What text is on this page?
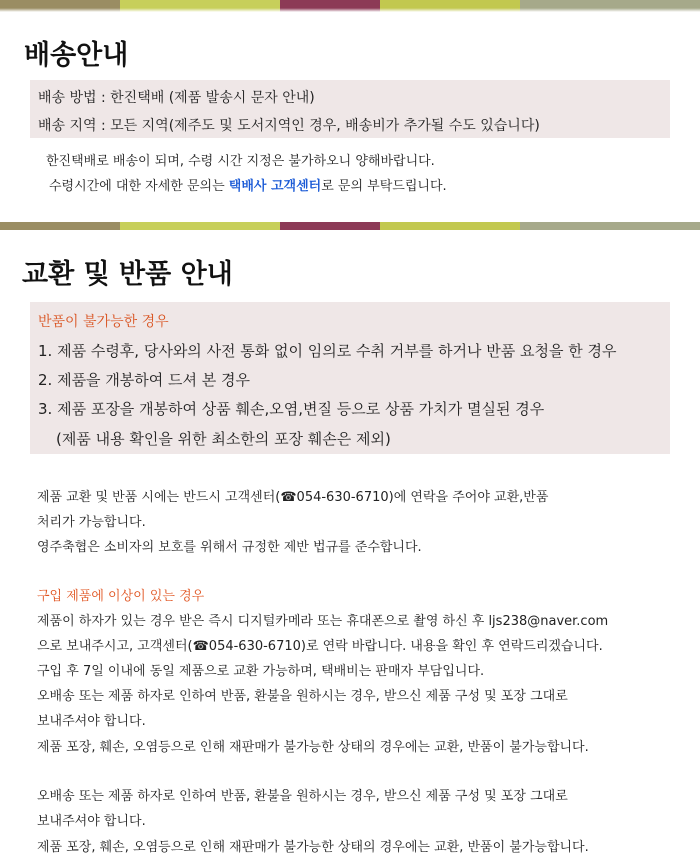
배송안내
배송 방법 : 한진택배 (제품 발송시 문자 안내)
배송 지역 : 모든 지역(제주도 및 도서지역인 경우, 배송비가 추가될 수도 있습니다)
한진택배로 배송이 되며, 수령 시간 지정은 불가하오니 양해바랍니다.
수령시간에 대한 자세한 문의는 택배사 고객센터로 문의 부탁드립니다.
교환 및 반품 안내
반품이 불가능한 경우
1. 제품 수령후, 당사와의 사전 통화 없이 임의로 수취 거부를 하거나 반품 요청을 한 경우
2. 제품을 개봉하여 드셔 본 경우
3. 제품 포장을 개봉하여 상품 훼손,오염,변질 등으로 상품 가치가 멸실된 경우
(제품 내용 확인을 위한 최소한의 포장 훼손은 제외)
제품 교환 및 반품 시에는 반드시 고객센터(☎054-630-6710)에 연락을 주어야 교환,반품
처리가 가능합니다.
영주축협은 소비자의 보호를 위해서 규정한 제반 법규를 준수합니다.
구입 제품에 이상이 있는 경우
제품이 하자가 있는 경우 받은 즉시 디지털카메라 또는 휴대폰으로 촬영 하신 후 ljs238@naver.com
으로 보내주시고, 고객센터(☎054-630-6710)로 연락 바랍니다. 내용을 확인 후 연락드리겠습니다.
구입 후 7일 이내에 동일 제품으로 교환 가능하며, 택배비는 판매자 부담입니다.
오배송 또는 제품 하자로 인하여 반품, 환불을 원하시는 경우, 받으신 제품 구성 및 포장 그대로
보내주셔야 합니다.
제품 포장, 훼손, 오염등으로 인해 재판매가 불가능한 상태의 경우에는 교환, 반품이 불가능합니다.
오배송 또는 제품 하자로 인하여 반품, 환불을 원하시는 경우, 받으신 제품 구성 및 포장 그대로
보내주셔야 합니다.
제품 포장, 훼손, 오염등으로 인해 재판매가 불가능한 상태의 경우에는 교환, 반품이 불가능합니다.
